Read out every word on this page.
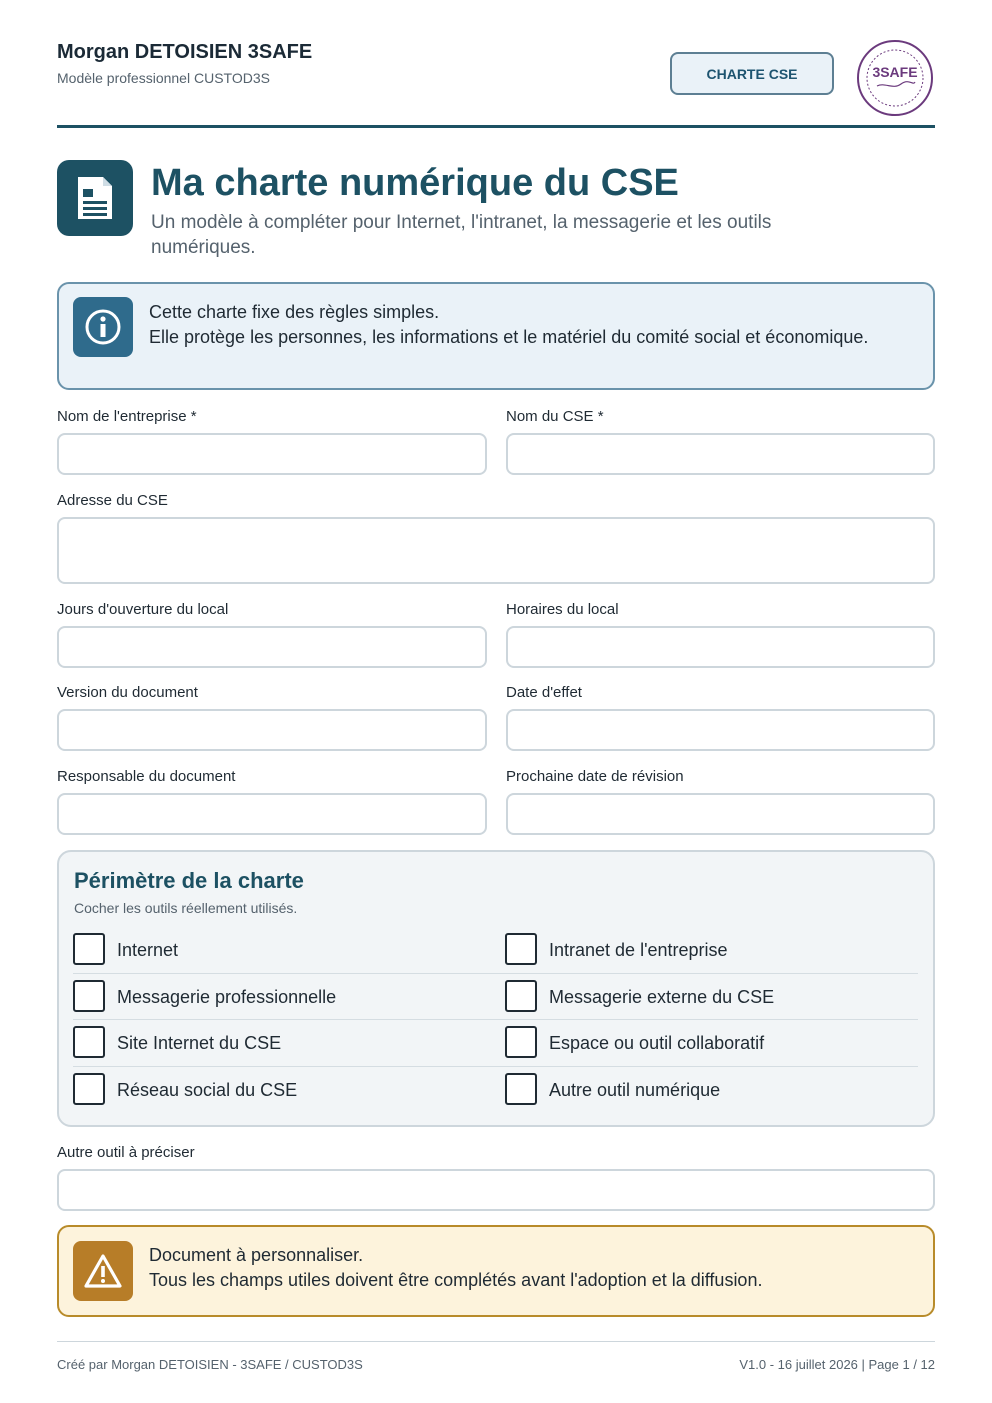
Morgan DETOISIEN 3SAFE
Modèle professionnel CUSTOD3S	CHARTE CSE	3SAFE
Ma charte numérique du CSE
Un modèle à compléter pour Internet, l'intranet, la messagerie et les outils numériques.
Cette charte fixe des règles simples.
Elle protège les personnes, les informations et le matériel du comité social et économique.
Nom de l'entreprise *	Nom du CSE *
Adresse du CSE
Jours d'ouverture du local	Horaires du local
Version du document	Date d'effet
Responsable du document	Prochaine date de révision
Périmètre de la charte
Cocher les outils réellement utilisés.
Internet	Intranet de l'entreprise
Messagerie professionnelle	Messagerie externe du CSE
Site Internet du CSE	Espace ou outil collaboratif
Réseau social du CSE	Autre outil numérique
Autre outil à préciser
Document à personnaliser.
Tous les champs utiles doivent être complétés avant l'adoption et la diffusion.
Créé par Morgan DETOISIEN - 3SAFE / CUSTOD3S	V1.0 - 16 juillet 2026 | Page 1 / 12
